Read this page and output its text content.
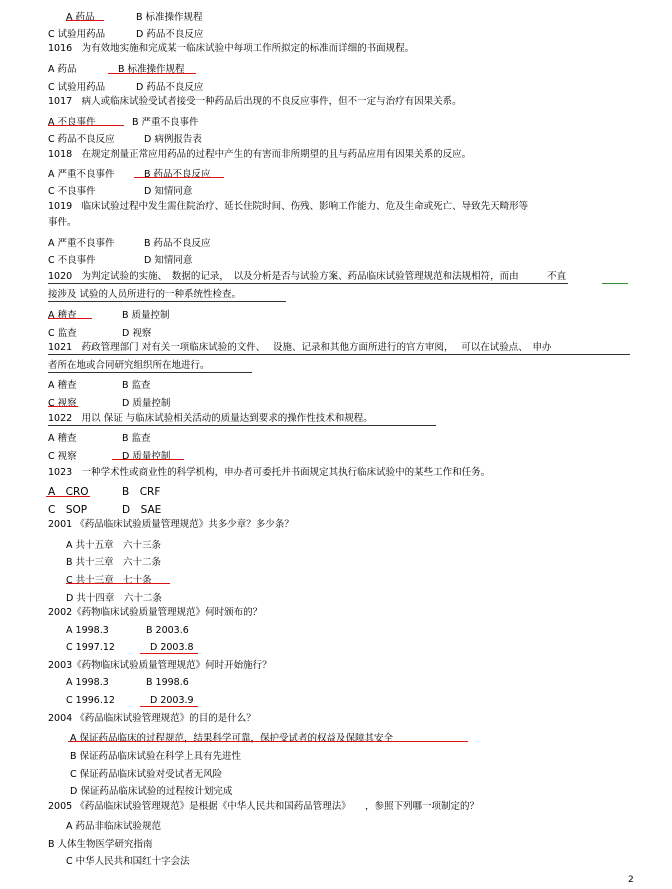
A 药品	B 标准操作规程
C 试验用药品	D 药品不良反应
1016　为有效地实施和完成某一临床试验中每项工作所拟定的标准而详细的书面规程。
A 药品	B 标准操作规程
C 试验用药品	D 药品不良反应
1017　病人或临床试验受试者接受一种药品后出现的不良反应事件，但不一定与治疗有因果关系。
A 不良事件	B 严重不良事件
C 药品不良反应	D 病例报告表
1018　在规定剂量正常应用药品的过程中产生的有害而非所期望的且与药品应用有因果关系的反应。
A 严重不良事件	B 药品不良反应
C 不良事件	D 知情同意
1019　临床试验过程中发生需住院治疗、延长住院时间、伤残、影响工作能力、危及生命或死亡、导致先天畸形等
事件。
A 严重不良事件	B 药品不良反应
C 不良事件	D 知情同意
1020　为判定试验的实施、　数据的记录，　以及分析是否与试验方案、药品临床试验管理规范和法规相符，而由　　　不直
接涉及 试验的人员所进行的一种系统性检查。
A 稽查	B 质量控制
C 监查	D 视察
1021　药政管理部门 对有关一项临床试验的文件、　 设施、记录和其他方面所进行的官方审阅，　 可以在试验点、　申办
者所在地或合同研究组织所在地进行。
A 稽查	B 监查
C 视察	D 质量控制
1022　用以 保证 与临床试验相关活动的质量达到要求的操作性技术和规程。
A 稽查	B 监查
C 视察	D 质量控制
1023　一种学术性或商业性的科学机构，申办者可委托并书面规定其执行临床试验中的某些工作和任务。
A　CRO	B　CRF
C　SOP	D　SAE
2001 《药品临床试验质量管理规范》共多少章？多少条？
A 共十五章　六十三条
B 共十三章　六十二条
C 共十三章　七十条
D 共十四章　六十二条
2002《药物临床试验质量管理规范》何时颁布的？
A 1998.3	B 2003.6
C 1997.12	D 2003.8
2003《药物临床试验质量管理规范》何时开始施行？
A 1998.3	B 1998.6
C 1996.12	D 2003.9
2004 《药品临床试验管理规范》的目的是什么？
A 保证药品临床的过程规范，结果科学可靠，保护受试者的权益及保障其安全
B 保证药品临床试验在科学上具有先进性
C 保证药品临床试验对受试者无风险
D 保证药品临床试验的过程按计划完成
2005 《药品临床试验管理规范》是根据《中华人民共和国药品管理法》　　，参照下列哪一项制定的？
A 药品非临床试验规范
B 人体生物医学研究指南
C 中华人民共和国红十字会法
2
